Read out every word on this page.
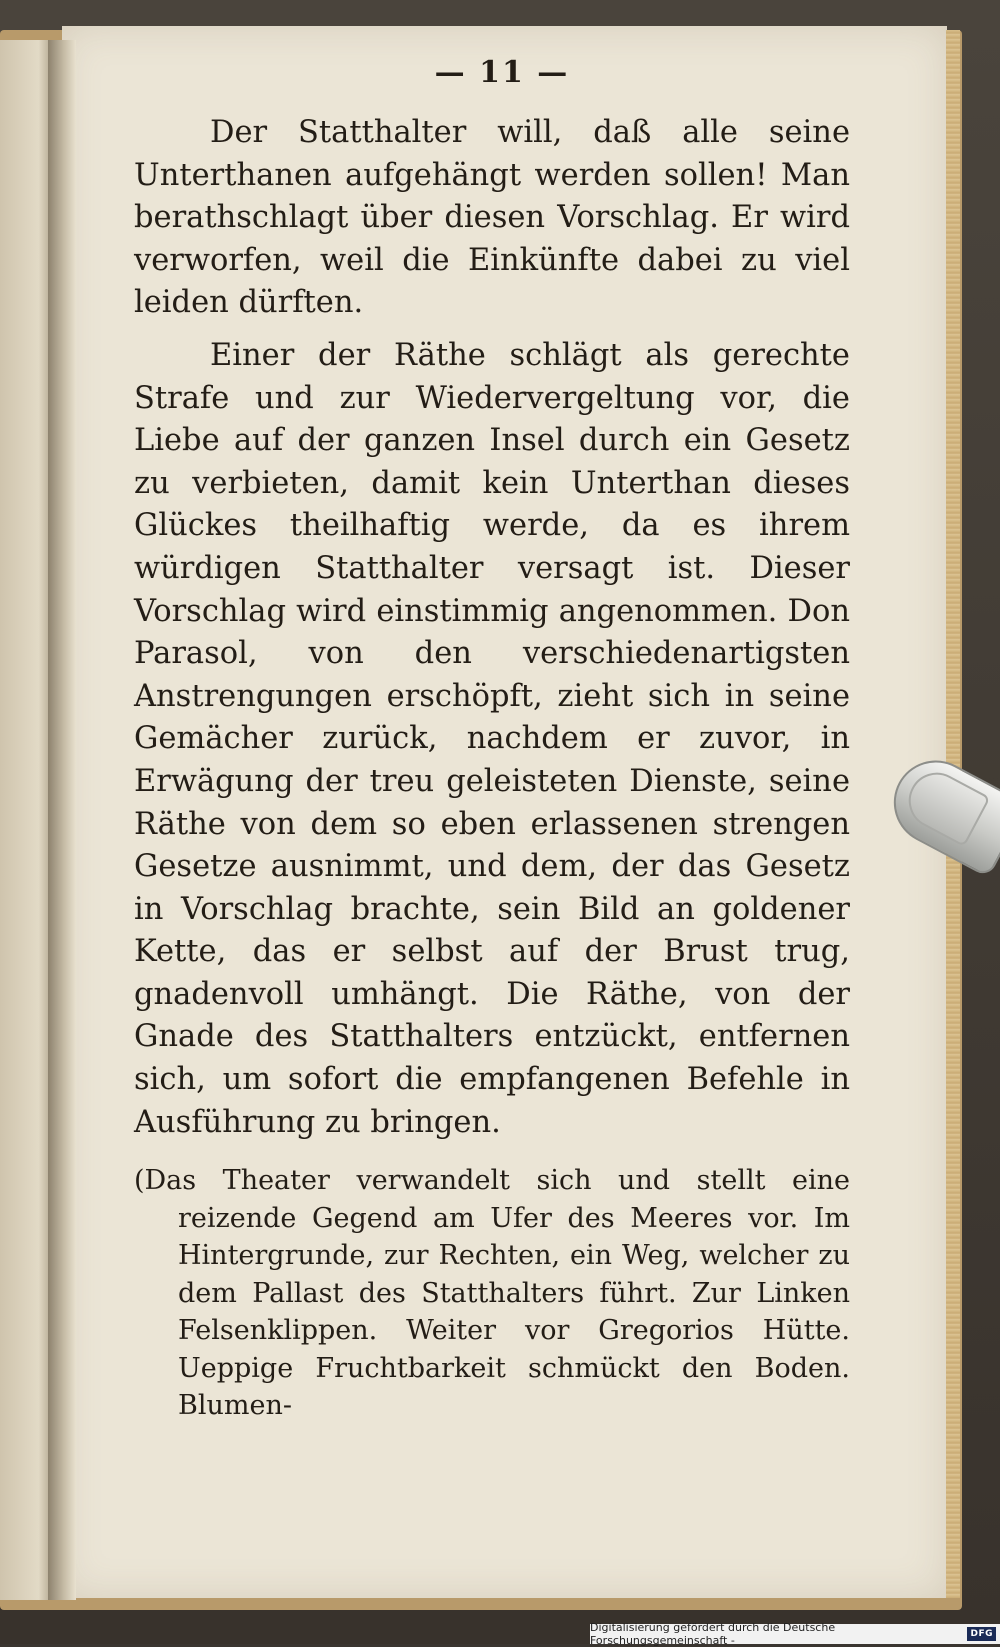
— 11 —

Der Statthalter will, daß alle seine Unterthanen aufgehängt werden sollen! Man berathschlagt über diesen Vorschlag. Er wird verworfen, weil die Einkünfte dabei zu viel leiden dürften.

Einer der Räthe schlägt als gerechte Strafe und zur Wiedervergeltung vor, die Liebe auf der ganzen Insel durch ein Gesetz zu verbieten, damit kein Unterthan dieses Glückes theilhaftig werde, da es ihrem würdigen Statthalter versagt ist. Dieser Vorschlag wird einstimmig angenommen. Don Parasol, von den verschiedenartigsten Anstrengungen erschöpft, zieht sich in seine Gemächer zurück, nachdem er zuvor, in Erwägung der treu geleisteten Dienste, seine Räthe von dem so eben erlassenen strengen Gesetze ausnimmt, und dem, der das Gesetz in Vorschlag brachte, sein Bild an goldener Kette, das er selbst auf der Brust trug, gnadenvoll umhängt. Die Räthe, von der Gnade des Statthalters entzückt, entfernen sich, um sofort die empfangenen Befehle in Ausführung zu bringen.

(Das Theater verwandelt sich und stellt eine reizende Gegend am Ufer des Meeres vor. Im Hintergrunde, zur Rechten, ein Weg, welcher zu dem Pallast des Statthalters führt. Zur Linken Felsenklippen. Weiter vor Gregorios Hütte. Ueppige Fruchtbarkeit schmückt den Boden. Blumen-

Digitalisierung gefördert durch die Deutsche Forschungsgemeinschaft -	DFG
